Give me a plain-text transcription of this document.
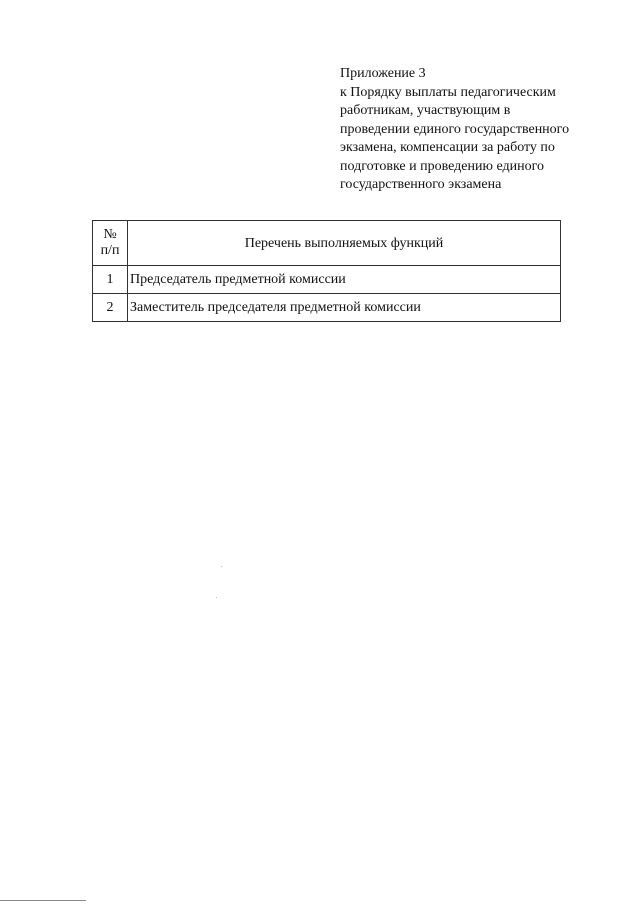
Приложение 3
к Порядку выплаты педагогическим
работникам, участвующим в
проведении единого государственного
экзамена, компенсации за работу по
подготовке и проведению единого
государственного экзамена
№
п/п	Перечень выполняемых функций
1	Председатель предметной комиссии
2	Заместитель председателя предметной комиссии
